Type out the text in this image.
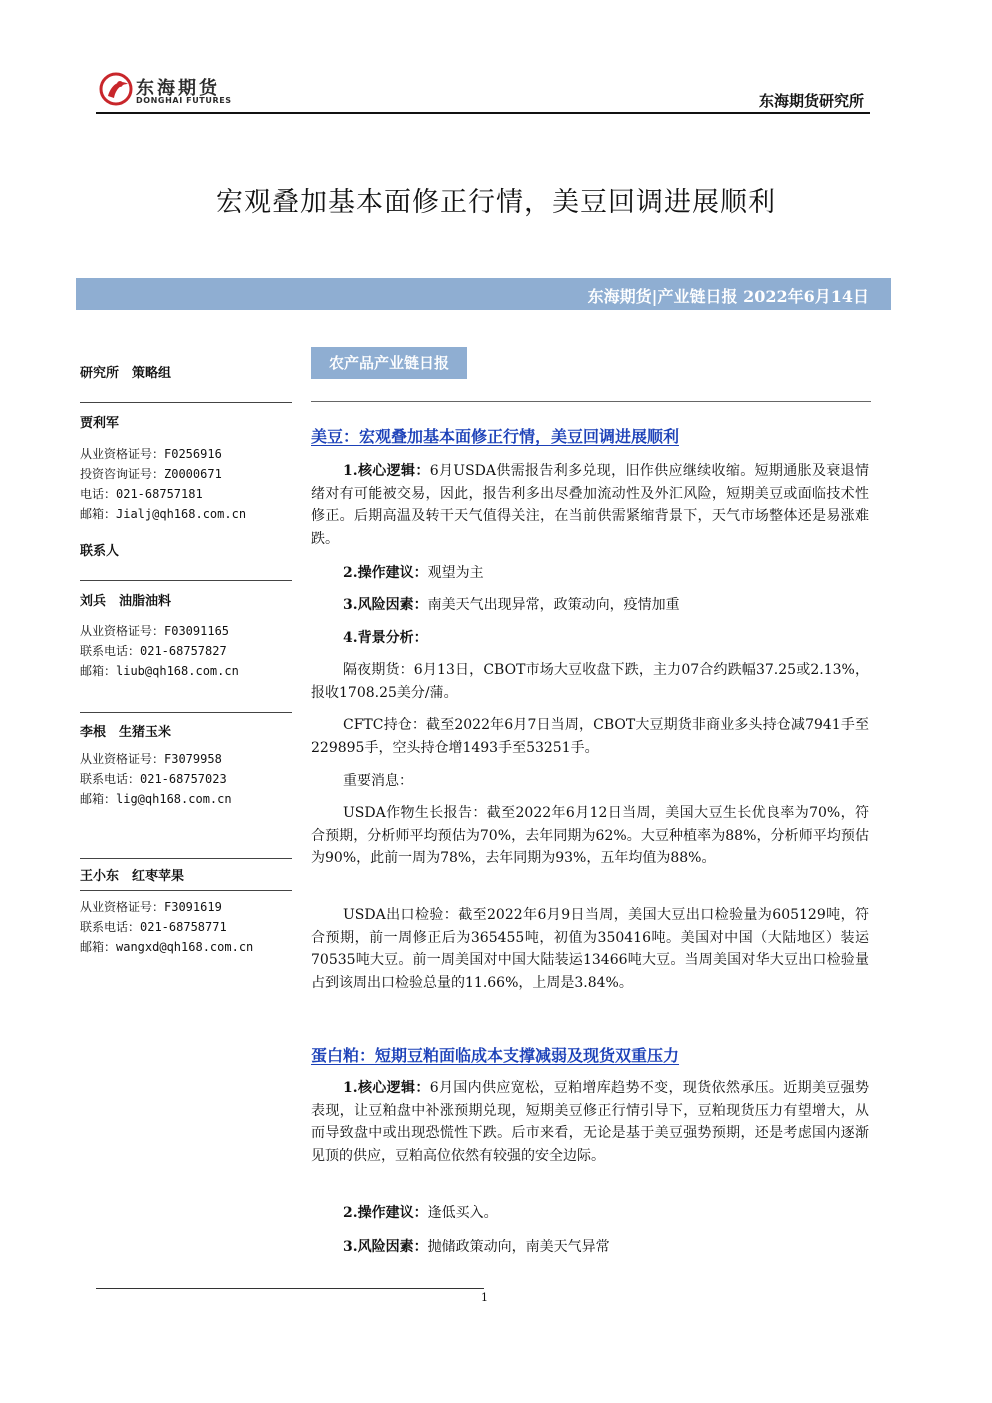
东海期货
DONGHAI FUTURES	东海期货研究所
宏观叠加基本面修正行情，美豆回调进展顺利
东海期货|产业链日报 2022年6月14日
研究所　策略组
贾利军
从业资格证号：F0256916
投资咨询证号：Z0000671
电话：021-68757181
邮箱：Jialj@qh168.com.cn
联系人
刘兵　油脂油料
从业资格证号：F03091165
联系电话：021-68757827
邮箱：liub@qh168.com.cn
李根　生猪玉米
从业资格证号：F3079958
联系电话：021-68757023
邮箱：lig@qh168.com.cn
王小东　红枣苹果
从业资格证号：F3091619
联系电话：021-68758771
邮箱：wangxd@qh168.com.cn
农产品产业链日报
美豆：宏观叠加基本面修正行情，美豆回调进展顺利
1.核心逻辑：6月USDA供需报告利多兑现，旧作供应继续收缩。短期通胀及衰退情绪对有可能被交易，因此，报告利多出尽叠加流动性及外汇风险，短期美豆或面临技术性修正。后期高温及转干天气值得关注，在当前供需紧缩背景下，天气市场整体还是易涨难跌。
2.操作建议：观望为主
3.风险因素：南美天气出现异常，政策动向，疫情加重
4.背景分析：
隔夜期货：6月13日，CBOT市场大豆收盘下跌，主力07合约跌幅37.25或2.13%，报收1708.25美分/蒲。
CFTC持仓：截至2022年6月7日当周，CBOT大豆期货非商业多头持仓减7941手至229895手，空头持仓增1493手至53251手。
重要消息：
USDA作物生长报告：截至2022年6月12日当周，美国大豆生长优良率为70%，符合预期，分析师平均预估为70%，去年同期为62%。大豆种植率为88%，分析师平均预估为90%，此前一周为78%，去年同期为93%，五年均值为88%。
USDA出口检验：截至2022年6月9日当周，美国大豆出口检验量为605129吨，符合预期，前一周修正后为365455吨，初值为350416吨。美国对中国（大陆地区）装运70535吨大豆。前一周美国对中国大陆装运13466吨大豆。当周美国对华大豆出口检验量占到该周出口检验总量的11.66%，上周是3.84%。
蛋白粕：短期豆粕面临成本支撑减弱及现货双重压力
1.核心逻辑：6月国内供应宽松，豆粕增库趋势不变，现货依然承压。近期美豆强势表现，让豆粕盘中补涨预期兑现，短期美豆修正行情引导下，豆粕现货压力有望增大，从而导致盘中或出现恐慌性下跌。后市来看，无论是基于美豆强势预期，还是考虑国内逐渐见顶的供应，豆粕高位依然有较强的安全边际。
2.操作建议：逢低买入。
3.风险因素：抛储政策动向，南美天气异常
1
